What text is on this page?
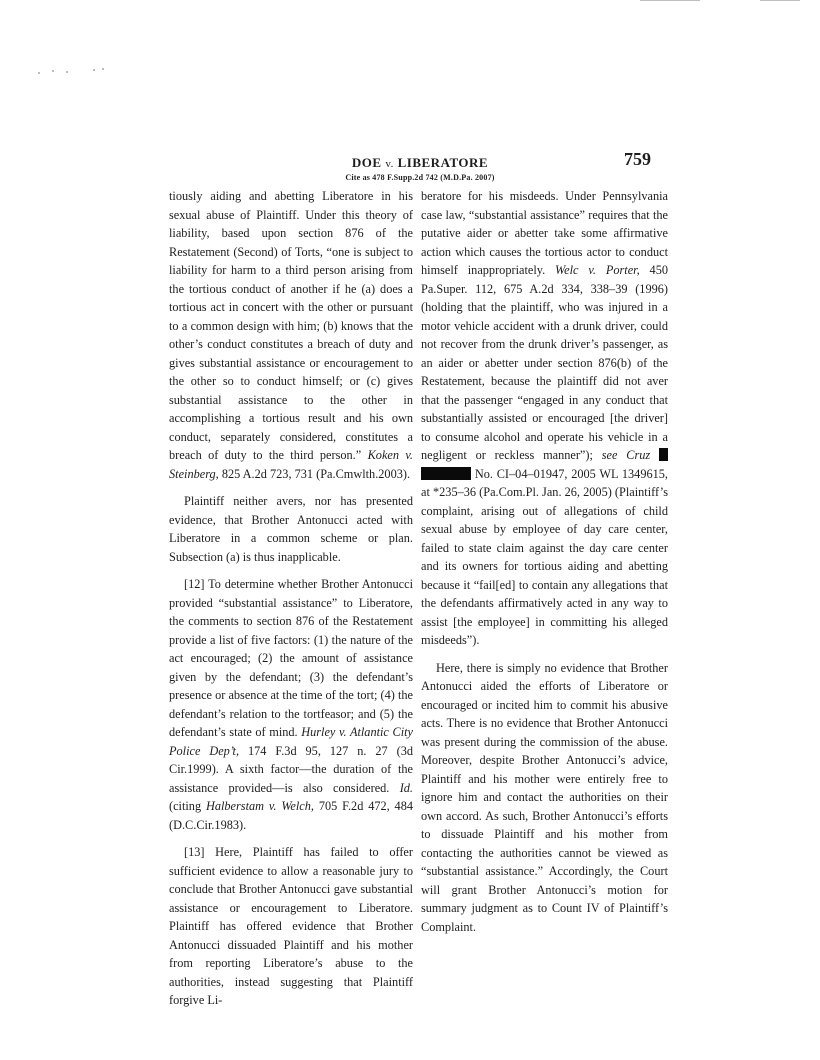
DOE v. LIBERATORE
Cite as 478 F.Supp.2d 742 (M.D.Pa. 2007)
759

tiously aiding and abetting Liberatore in his sexual abuse of Plaintiff. Under this theory of liability, based upon section 876 of the Restatement (Second) of Torts, “one is subject to liability for harm to a third person arising from the tortious conduct of another if he (a) does a tortious act in concert with the other or pursuant to a common design with him; (b) knows that the other’s conduct constitutes a breach of duty and gives substantial assistance or encouragement to the other so to conduct himself; or (c) gives substantial assistance to the other in accomplishing a tortious result and his own conduct, separately considered, constitutes a breach of duty to the third person.” Koken v. Steinberg, 825 A.2d 723, 731 (Pa.Cmwlth.2003).

Plaintiff neither avers, nor has presented evidence, that Brother Antonucci acted with Liberatore in a common scheme or plan. Subsection (a) is thus inapplicable.

[12] To determine whether Brother Antonucci provided “substantial assistance” to Liberatore, the comments to section 876 of the Restatement provide a list of five factors: (1) the nature of the act encouraged; (2) the amount of assistance given by the defendant; (3) the defendant’s presence or absence at the time of the tort; (4) the defendant’s relation to the tortfeasor; and (5) the defendant’s state of mind. Hurley v. Atlantic City Police Dep’t, 174 F.3d 95, 127 n. 27 (3d Cir.1999). A sixth factor—the duration of the assistance provided—is also considered. Id. (citing Halberstam v. Welch, 705 F.2d 472, 484 (D.C.Cir.1983).

[13] Here, Plaintiff has failed to offer sufficient evidence to allow a reasonable jury to conclude that Brother Antonucci gave substantial assistance or encouragement to Liberatore. Plaintiff has offered evidence that Brother Antonucci dissuaded Plaintiff and his mother from reporting Liberatore’s abuse to the authorities, instead suggesting that Plaintiff forgive Li-

beratore for his misdeeds. Under Pennsylvania case law, “substantial assistance” requires that the putative aider or abetter take some affirmative action which causes the tortious actor to conduct himself inappropriately. Welc v. Porter, 450 Pa.Super. 112, 675 A.2d 334, 338–39 (1996) (holding that the plaintiff, who was injured in a motor vehicle accident with a drunk driver, could not recover from the drunk driver’s passenger, as an aider or abetter under section 876(b) of the Restatement, because the plaintiff did not aver that the passenger “engaged in any conduct that substantially assisted or encouraged [the driver] to consume alcohol and operate his vehicle in a negligent or reckless manner”); see Cruz   No. CI–04–01947, 2005 WL 1349615, at *235–36 (Pa.Com.Pl. Jan. 26, 2005) (Plaintiff’s complaint, arising out of allegations of child sexual abuse by employee of day care center, failed to state claim against the day care center and its owners for tortious aiding and abetting because it “fail[ed] to contain any allegations that the defendants affirmatively acted in any way to assist [the employee] in committing his alleged misdeeds”).

Here, there is simply no evidence that Brother Antonucci aided the efforts of Liberatore or encouraged or incited him to commit his abusive acts. There is no evidence that Brother Antonucci was present during the commission of the abuse. Moreover, despite Brother Antonucci’s advice, Plaintiff and his mother were entirely free to ignore him and contact the authorities on their own accord. As such, Brother Antonucci’s efforts to dissuade Plaintiff and his mother from contacting the authorities cannot be viewed as “substantial assistance.” Accordingly, the Court will grant Brother Antonucci’s motion for summary judgment as to Count IV of Plaintiff’s Complaint.
